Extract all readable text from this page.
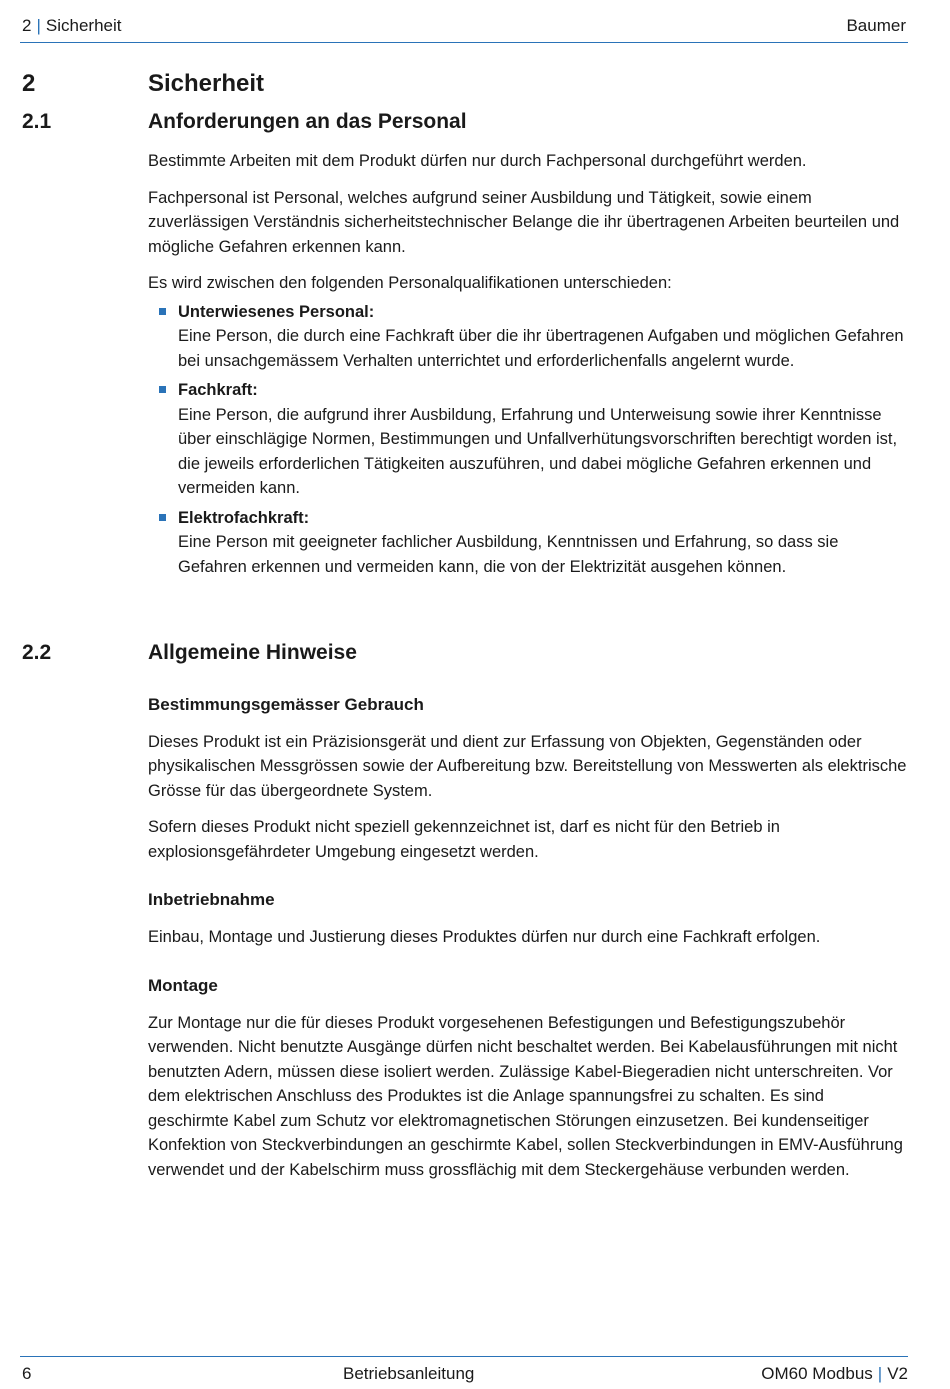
2 | Sicherheit	Baumer
2	Sicherheit
2.1	Anforderungen an das Personal

Bestimmte Arbeiten mit dem Produkt dürfen nur durch Fachpersonal durchgeführt werden.

Fachpersonal ist Personal, welches aufgrund seiner Ausbildung und Tätigkeit, sowie einem zuverlässigen Verständnis sicherheitstechnischer Belange die ihr übertragenen Arbeiten beurteilen und mögliche Gefahren erkennen kann.

Es wird zwischen den folgenden Personalqualifikationen unterschieden:

Unterwiesenes Personal:
Eine Person, die durch eine Fachkraft über die ihr übertragenen Aufgaben und möglichen Gefahren bei unsachgemässem Verhalten unterrichtet und erforderlichenfalls angelernt wurde.
Fachkraft:
Eine Person, die aufgrund ihrer Ausbildung, Erfahrung und Unterweisung sowie ihrer Kenntnisse über einschlägige Normen, Bestimmungen und Unfallverhütungsvorschriften berechtigt worden ist, die jeweils erforderlichen Tätigkeiten auszuführen, und dabei mögliche Gefahren erkennen und vermeiden kann.
Elektrofachkraft:
Eine Person mit geeigneter fachlicher Ausbildung, Kenntnissen und Erfahrung, so dass sie Gefahren erkennen und vermeiden kann, die von der Elektrizität ausgehen können.
2.2	Allgemeine Hinweise

Bestimmungsgemässer Gebrauch

Dieses Produkt ist ein Präzisionsgerät und dient zur Erfassung von Objekten, Gegenständen oder physikalischen Messgrössen sowie der Aufbereitung bzw. Bereitstellung von Messwerten als elektrische Grösse für das übergeordnete System.

Sofern dieses Produkt nicht speziell gekennzeichnet ist, darf es nicht für den Betrieb in explosionsgefährdeter Umgebung eingesetzt werden.

Inbetriebnahme

Einbau, Montage und Justierung dieses Produktes dürfen nur durch eine Fachkraft erfolgen.

Montage

Zur Montage nur die für dieses Produkt vorgesehenen Befestigungen und Befestigungszubehör verwenden. Nicht benutzte Ausgänge dürfen nicht beschaltet werden. Bei Kabelausführungen mit nicht benutzten Adern, müssen diese isoliert werden. Zulässige Kabel-Biegeradien nicht unterschreiten. Vor dem elektrischen Anschluss des Produktes ist die Anlage spannungsfrei zu schalten. Es sind geschirmte Kabel zum Schutz vor elektromagnetischen Störungen einzusetzen. Bei kundenseitiger Konfektion von Steckverbindungen an geschirmte Kabel, sollen Steckverbindungen in EMV-Ausführung verwendet und der Kabelschirm muss grossflächig mit dem Steckergehäuse verbunden werden.

6	Betriebsanleitung	OM60 Modbus | V2
